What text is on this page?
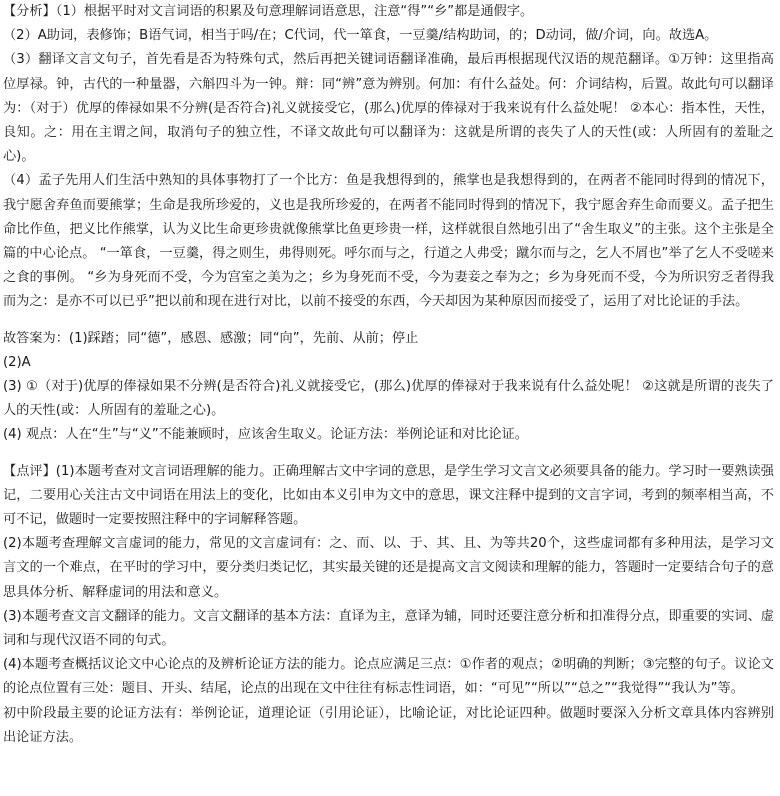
【分析】（1）根据平时对文言词语的积累及句意理解词语意思，注意“得”“乡”都是通假字。

（2）A助词，表修饰；B语气词，相当于吗/在；C代词，代一箪食，一豆羹/结构助词，的；D动词，做/介词，向。故选A。

（3）翻译文言文句子，首先看是否为特殊句式，然后再把关键词语翻译准确，最后再根据现代汉语的规范翻译。①万钟：这里指高位厚禄。钟，古代的一种量器，六斛四斗为一钟。辩：同“辨”意为辨别。何加：有什么益处。何：介词结构，后置。故此句可以翻译为：（对于）优厚的俸禄如果不分辨(是否符合)礼义就接受它，(那么)优厚的俸禄对于我来说有什么益处呢！ ②本心：指本性，天性，良知。之：用在主谓之间，取消句子的独立性，不译文故此句可以翻译为：这就是所谓的丧失了人的天性(或：人所固有的羞耻之心)。

（4）孟子先用人们生活中熟知的具体事物打了一个比方：鱼是我想得到的，熊掌也是我想得到的，在两者不能同时得到的情况下，我宁愿舍弃鱼而要熊掌；生命是我所珍爱的，义也是我所珍爱的，在两者不能同时得到的情况下，我宁愿舍弃生命而要义。孟子把生命比作鱼，把义比作熊掌，认为义比生命更珍贵就像熊掌比鱼更珍贵一样，这样就很自然地引出了“舍生取义”的主张。这个主张是全篇的中心论点。 “一箪食，一豆羹，得之则生，弗得则死。呼尔而与之，行道之人弗受；蹴尔而与之，乞人不屑也”举了乞人不受嗟来之食的事例。 “乡为身死而不受，今为宫室之美为之；乡为身死而不受，今为妻妾之奉为之；乡为身死而不受，今为所识穷乏者得我而为之：是亦不可以已乎”把以前和现在进行对比，以前不接受的东西，今天却因为某种原因而接受了，运用了对比论证的手法。

故答案为：(1)踩踏；同“德”，感恩、感激；同“向”，先前、从前；停止

(2)A

(3) ①（对于)优厚的俸禄如果不分辨(是否符合)礼义就接受它，(那么)优厚的俸禄对于我来说有什么益处呢！ ②这就是所谓的丧失了人的天性(或：人所固有的羞耻之心)。

(4) 观点：人在“生”与“义”不能兼顾时，应该舍生取义。论证方法：举例论证和对比论证。

【点评】(1)本题考查对文言词语理解的能力。正确理解古文中字词的意思，是学生学习文言文必须要具备的能力。学习时一要熟读强记，二要用心关注古文中词语在用法上的变化，比如由本义引申为文中的意思，课文注释中提到的文言字词，考到的频率相当高，不可不记，做题时一定要按照注释中的字词解释答题。

(2)本题考查理解文言虚词的能力，常见的文言虚词有：之、而、以、于、其、且、为等共20个，这些虚词都有多种用法，是学习文言文的一个难点，在平时的学习中，要分类归类记忆，其实最关键的还是提高文言文阅读和理解的能力，答题时一定要结合句子的意思具体分析、解释虚词的用法和意义。

(3)本题考查文言文翻译的能力。文言文翻译的基本方法：直译为主，意译为辅，同时还要注意分析和扣准得分点，即重要的实词、虚词和与现代汉语不同的句式。

(4)本题考查概括议论文中心论点的及辨析论证方法的能力。论点应满足三点：①作者的观点；②明确的判断；③完整的句子。议论文的论点位置有三处：题目、开头、结尾，论点的出现在文中往往有标志性词语，如：“可见”“所以”“总之”“我觉得”“我认为”等。

初中阶段最主要的论证方法有：举例论证，道理论证（引用论证），比喻论证，对比论证四种。做题时要深入分析文章具体内容辨别出论证方法。
